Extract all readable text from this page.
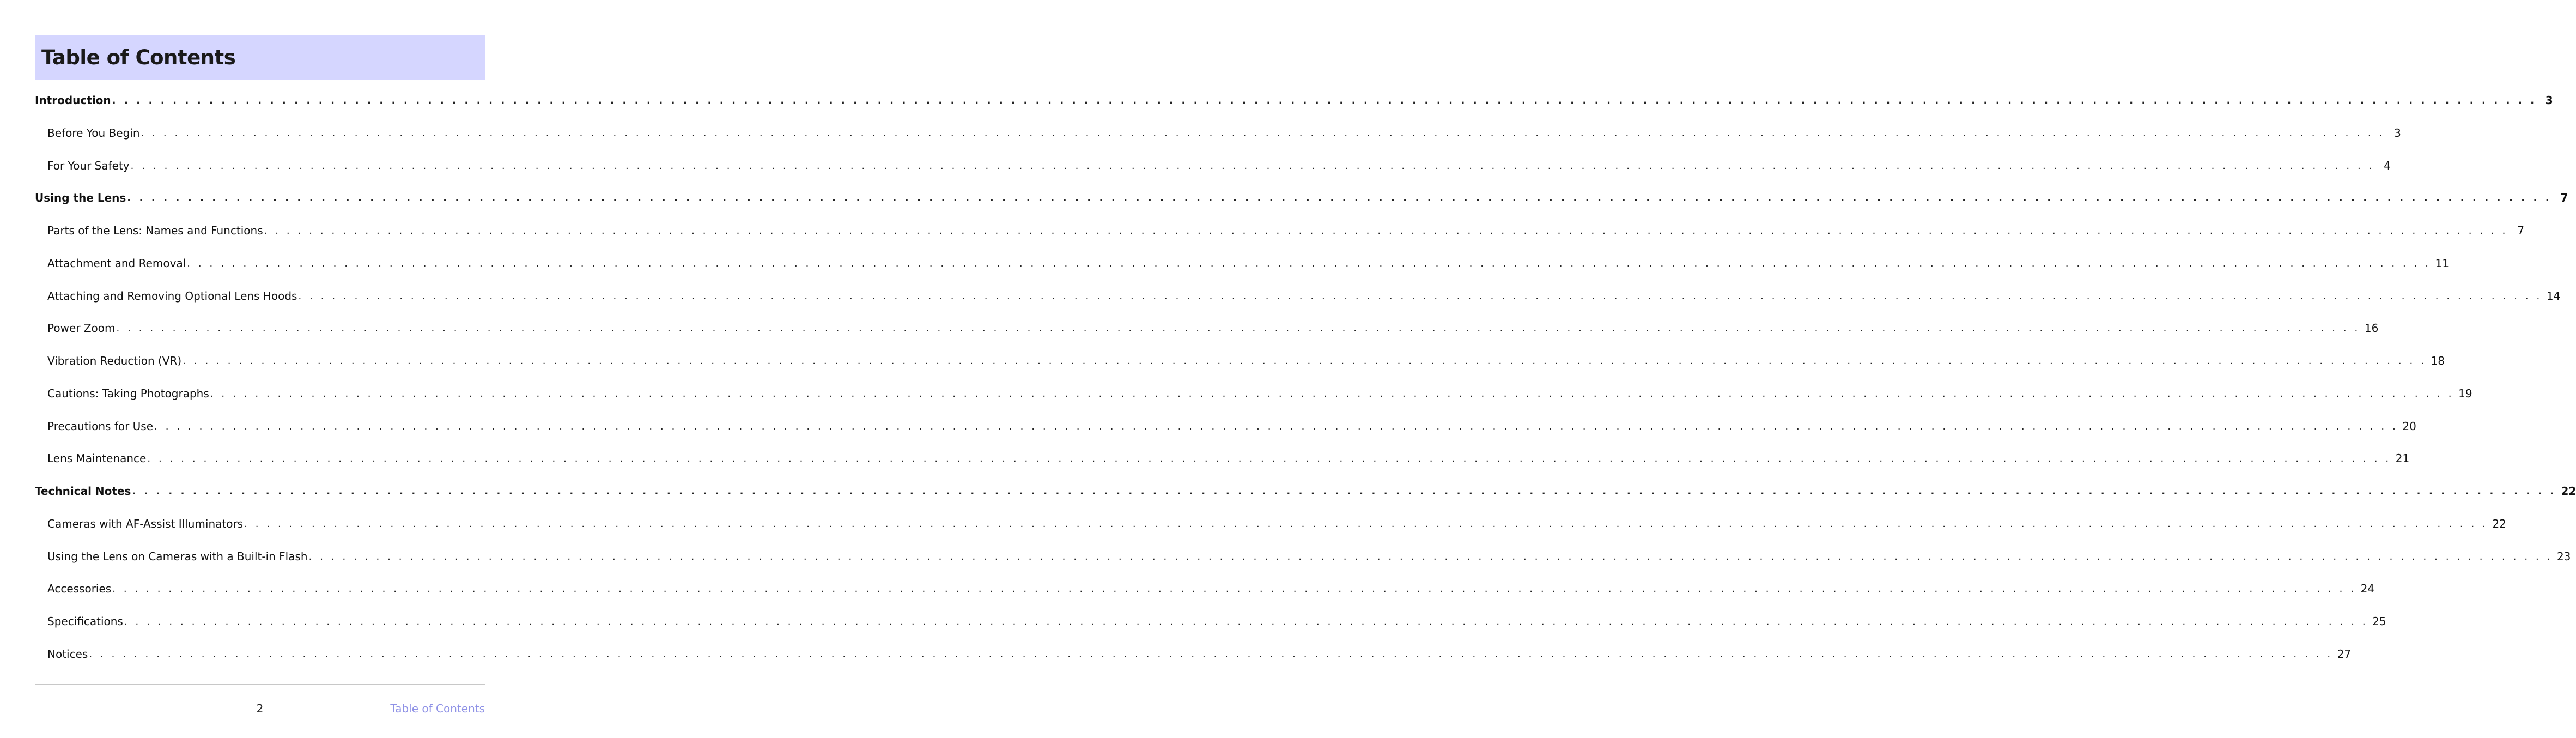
Table of Contents
Introduction . . . . . . . . . . . . . . . . . . . . . . . . . . . . . . . . . . . . . . . . . . . . . . . . . . . . . . . . . . . . . . . . . . . . . . . . . . . . . . . . . . . . . . . . . . . . . . . . . . . . . . . . . . . . . . . . . . . . . . . . . . . . . . . . . . . . . . . . . . . . . . . . . . . . . . . . . . . . . . . . . . . . . . . . . . . . . . . . . . . . . . . . . . . . . . . . . . . . . . . . 3
Before You Begin . . . . . . . . . . . . . . . . . . . . . . . . . . . . . . . . . . . . . . . . . . . . . . . . . . . . . . . . . . . . . . . . . . . . . . . . . . . . . . . . . . . . . . . . . . . . . . . . . . . . . . . . . . . . . . . . . . . . . . . . . . . . . . . . . . . . . . . . . . . . . . . . . . . . . . . . . . . . . . . . . . . . . . . . . . . . . . . . . . . . . . . . . . . . . . . . . . . . . . . . 3
For Your Safety . . . . . . . . . . . . . . . . . . . . . . . . . . . . . . . . . . . . . . . . . . . . . . . . . . . . . . . . . . . . . . . . . . . . . . . . . . . . . . . . . . . . . . . . . . . . . . . . . . . . . . . . . . . . . . . . . . . . . . . . . . . . . . . . . . . . . . . . . . . . . . . . . . . . . . . . . . . . . . . . . . . . . . . . . . . . . . . . . . . . . . . . . . . . . . . . . . . . . . . . 4
Using the Lens . . . . . . . . . . . . . . . . . . . . . . . . . . . . . . . . . . . . . . . . . . . . . . . . . . . . . . . . . . . . . . . . . . . . . . . . . . . . . . . . . . . . . . . . . . . . . . . . . . . . . . . . . . . . . . . . . . . . . . . . . . . . . . . . . . . . . . . . . . . . . . . . . . . . . . . . . . . . . . . . . . . . . . . . . . . . . . . . . . . . . . . . . . . . . . . . . . . . . . . . 7
Parts of the Lens: Names and Functions . . . . . . . . . . . . . . . . . . . . . . . . . . . . . . . . . . . . . . . . . . . . . . . . . . . . . . . . . . . . . . . . . . . . . . . . . . . . . . . . . . . . . . . . . . . . . . . . . . . . . . . . . . . . . . . . . . . . . . . . . . . . . . . . . . . . . . . . . . . . . . . . . . . . . . . . . . . . . . . . . . . . . . . . . . . . . . . . . . . . . . . . . . . . . . . . . . . . . . . . 7
Attachment and Removal . . . . . . . . . . . . . . . . . . . . . . . . . . . . . . . . . . . . . . . . . . . . . . . . . . . . . . . . . . . . . . . . . . . . . . . . . . . . . . . . . . . . . . . . . . . . . . . . . . . . . . . . . . . . . . . . . . . . . . . . . . . . . . . . . . . . . . . . . . . . . . . . . . . . . . . . . . . . . . . . . . . . . . . . . . . . . . . . . . . . . . . . . . . . . . . . . . . . . . . . 11
Attaching and Removing Optional Lens Hoods . . . . . . . . . . . . . . . . . . . . . . . . . . . . . . . . . . . . . . . . . . . . . . . . . . . . . . . . . . . . . . . . . . . . . . . . . . . . . . . . . . . . . . . . . . . . . . . . . . . . . . . . . . . . . . . . . . . . . . . . . . . . . . . . . . . . . . . . . . . . . . . . . . . . . . . . . . . . . . . . . . . . . . . . . . . . . . . . . . . . . . . . . . . . . . . . . . . . . . . . 14
Power Zoom . . . . . . . . . . . . . . . . . . . . . . . . . . . . . . . . . . . . . . . . . . . . . . . . . . . . . . . . . . . . . . . . . . . . . . . . . . . . . . . . . . . . . . . . . . . . . . . . . . . . . . . . . . . . . . . . . . . . . . . . . . . . . . . . . . . . . . . . . . . . . . . . . . . . . . . . . . . . . . . . . . . . . . . . . . . . . . . . . . . . . . . . . . . . . . . . . . . . . . . . 16
Vibration Reduction (VR) . . . . . . . . . . . . . . . . . . . . . . . . . . . . . . . . . . . . . . . . . . . . . . . . . . . . . . . . . . . . . . . . . . . . . . . . . . . . . . . . . . . . . . . . . . . . . . . . . . . . . . . . . . . . . . . . . . . . . . . . . . . . . . . . . . . . . . . . . . . . . . . . . . . . . . . . . . . . . . . . . . . . . . . . . . . . . . . . . . . . . . . . . . . . . . . . . . . . . . . . 18
Cautions: Taking Photographs . . . . . . . . . . . . . . . . . . . . . . . . . . . . . . . . . . . . . . . . . . . . . . . . . . . . . . . . . . . . . . . . . . . . . . . . . . . . . . . . . . . . . . . . . . . . . . . . . . . . . . . . . . . . . . . . . . . . . . . . . . . . . . . . . . . . . . . . . . . . . . . . . . . . . . . . . . . . . . . . . . . . . . . . . . . . . . . . . . . . . . . . . . . . . . . . . . . . . . . . 19
Precautions for Use . . . . . . . . . . . . . . . . . . . . . . . . . . . . . . . . . . . . . . . . . . . . . . . . . . . . . . . . . . . . . . . . . . . . . . . . . . . . . . . . . . . . . . . . . . . . . . . . . . . . . . . . . . . . . . . . . . . . . . . . . . . . . . . . . . . . . . . . . . . . . . . . . . . . . . . . . . . . . . . . . . . . . . . . . . . . . . . . . . . . . . . . . . . . . . . . . . . . . . . . 20
Lens Maintenance . . . . . . . . . . . . . . . . . . . . . . . . . . . . . . . . . . . . . . . . . . . . . . . . . . . . . . . . . . . . . . . . . . . . . . . . . . . . . . . . . . . . . . . . . . . . . . . . . . . . . . . . . . . . . . . . . . . . . . . . . . . . . . . . . . . . . . . . . . . . . . . . . . . . . . . . . . . . . . . . . . . . . . . . . . . . . . . . . . . . . . . . . . . . . . . . . . . . . . . . 21
Technical Notes . . . . . . . . . . . . . . . . . . . . . . . . . . . . . . . . . . . . . . . . . . . . . . . . . . . . . . . . . . . . . . . . . . . . . . . . . . . . . . . . . . . . . . . . . . . . . . . . . . . . . . . . . . . . . . . . . . . . . . . . . . . . . . . . . . . . . . . . . . . . . . . . . . . . . . . . . . . . . . . . . . . . . . . . . . . . . . . . . . . . . . . . . . . . . . . . . . . . . . . . 22
Cameras with AF-Assist Illuminators . . . . . . . . . . . . . . . . . . . . . . . . . . . . . . . . . . . . . . . . . . . . . . . . . . . . . . . . . . . . . . . . . . . . . . . . . . . . . . . . . . . . . . . . . . . . . . . . . . . . . . . . . . . . . . . . . . . . . . . . . . . . . . . . . . . . . . . . . . . . . . . . . . . . . . . . . . . . . . . . . . . . . . . . . . . . . . . . . . . . . . . . . . . . . . . . . . . . . . . . 22
Using the Lens on Cameras with a Built-in Flash . . . . . . . . . . . . . . . . . . . . . . . . . . . . . . . . . . . . . . . . . . . . . . . . . . . . . . . . . . . . . . . . . . . . . . . . . . . . . . . . . . . . . . . . . . . . . . . . . . . . . . . . . . . . . . . . . . . . . . . . . . . . . . . . . . . . . . . . . . . . . . . . . . . . . . . . . . . . . . . . . . . . . . . . . . . . . . . . . . . . . . . . . . . . . . . . . . . . . . . . 23
Accessories . . . . . . . . . . . . . . . . . . . . . . . . . . . . . . . . . . . . . . . . . . . . . . . . . . . . . . . . . . . . . . . . . . . . . . . . . . . . . . . . . . . . . . . . . . . . . . . . . . . . . . . . . . . . . . . . . . . . . . . . . . . . . . . . . . . . . . . . . . . . . . . . . . . . . . . . . . . . . . . . . . . . . . . . . . . . . . . . . . . . . . . . . . . . . . . . . . . . . . . . 24
Specifications . . . . . . . . . . . . . . . . . . . . . . . . . . . . . . . . . . . . . . . . . . . . . . . . . . . . . . . . . . . . . . . . . . . . . . . . . . . . . . . . . . . . . . . . . . . . . . . . . . . . . . . . . . . . . . . . . . . . . . . . . . . . . . . . . . . . . . . . . . . . . . . . . . . . . . . . . . . . . . . . . . . . . . . . . . . . . . . . . . . . . . . . . . . . . . . . . . . . . . . . 25
Notices . . . . . . . . . . . . . . . . . . . . . . . . . . . . . . . . . . . . . . . . . . . . . . . . . . . . . . . . . . . . . . . . . . . . . . . . . . . . . . . . . . . . . . . . . . . . . . . . . . . . . . . . . . . . . . . . . . . . . . . . . . . . . . . . . . . . . . . . . . . . . . . . . . . . . . . . . . . . . . . . . . . . . . . . . . . . . . . . . . . . . . . . . . . . . . . . . . . . . . . . 27
2	Table of Contents
